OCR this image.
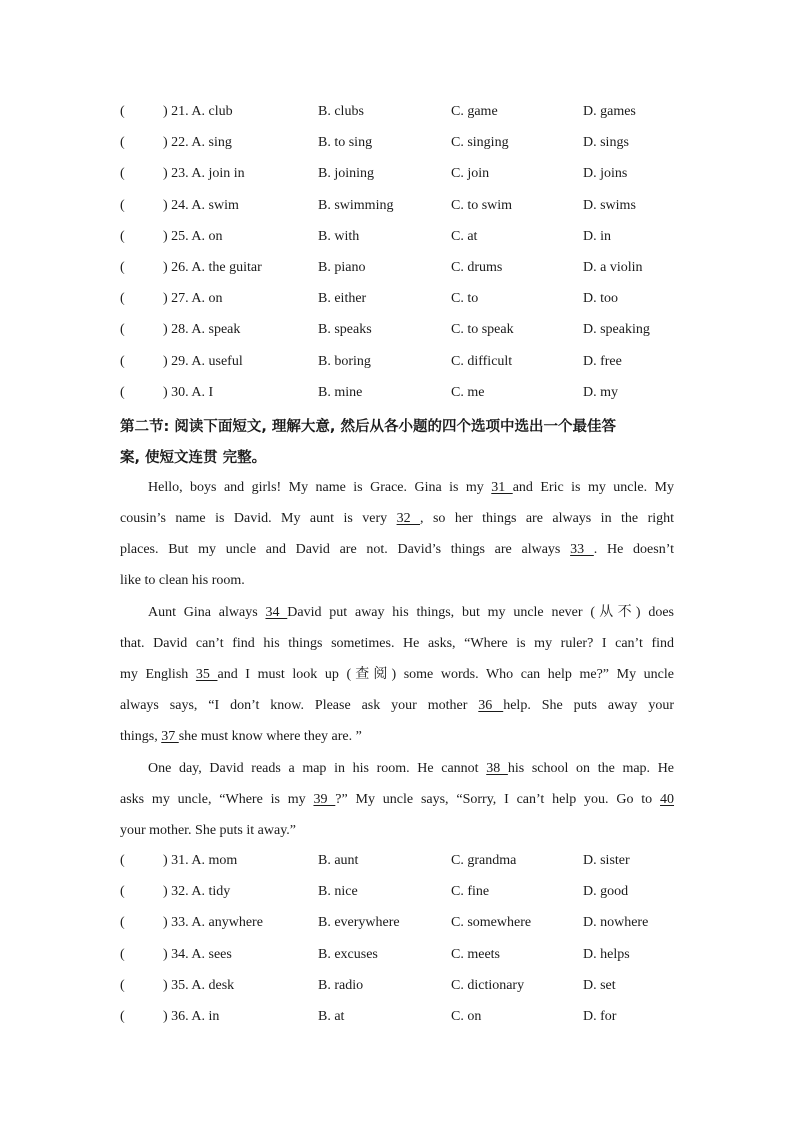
(	) 21. A. club	B. clubs	C. game	D. games
(	) 22. A. sing	B. to sing	C. singing	D. sings
(	) 23. A. join in	B. joining	C. join	D. joins
(	) 24. A. swim	B. swimming	C. to swim	D. swims
(	) 25. A. on	B. with	C. at	D. in
(	) 26. A. the guitar	B. piano	C. drums	D. a violin
(	) 27. A. on	B. either	C. to	D. too
(	) 28. A. speak	B. speaks	C. to speak	D. speaking
(	) 29. A. useful	B. boring	C. difficult	D. free
(	) 30. A. I	B. mine	C. me	D. my
第二节: 阅读下面短文, 理解大意, 然后从各小题的四个选项中选出一个最佳答
案, 使短文连贯 完整。
Hello, boys and girls! My name is Grace. Gina is my 31 and Eric is my uncle. My
cousin’s name is David. My aunt is very 32 , so her things are always in the right
places. But my uncle and David are not. David’s things are always 33 . He doesn’t
like to clean his room.
Aunt Gina always 34 David put away his things, but my uncle never (从不) does
that. David can’t find his things sometimes. He asks, “Where is my ruler? I can’t find
my English 35 and I must look up (查阅) some words. Who can help me?” My uncle
always says, “I don’t know. Please ask your mother 36 help. She puts away your
things, 37 she must know where they are. ”
One day, David reads a map in his room. He cannot 38 his school on the map. He
asks my uncle, “Where is my 39 ?” My uncle says, “Sorry, I can’t help you. Go to 40
your mother. She puts it away.”
(	) 31. A. mom	B. aunt	C. grandma	D. sister
(	) 32. A. tidy	B. nice	C. fine	D. good
(	) 33. A. anywhere	B. everywhere	C. somewhere	D. nowhere
(	) 34. A. sees	B. excuses	C. meets	D. helps
(	) 35. A. desk	B. radio	C. dictionary	D. set
(	) 36. A. in	B. at	C. on	D. for
